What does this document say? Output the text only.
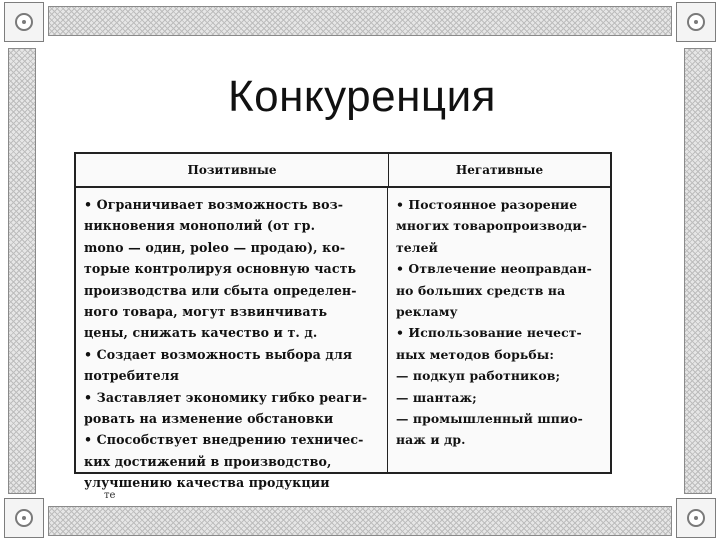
Конкуренция
Позитивные	Негативные
• Ограничивает возможность воз-
никновения монополий (от гр.
mono — один, poleo — продаю), ко-
торые контролируя основную часть
производства или сбыта определен-
ного товара, могут взвинчивать
цены, снижать качество и т. д.
• Создает возможность выбора для
потребителя
• Заставляет экономику гибко реаги-
ровать на изменение обстановки
• Способствует внедрению техничес-
ких достижений в производство,
улучшению качества продукции
• Постоянное разорение
многих товаропроизводи-
телей
• Отвлечение неоправдан-
но больших средств на
рекламу
• Использование нечест-
ных методов борьбы:
— подкуп работников;
— шантаж;
— промышленный шпио-
наж и др.
те
